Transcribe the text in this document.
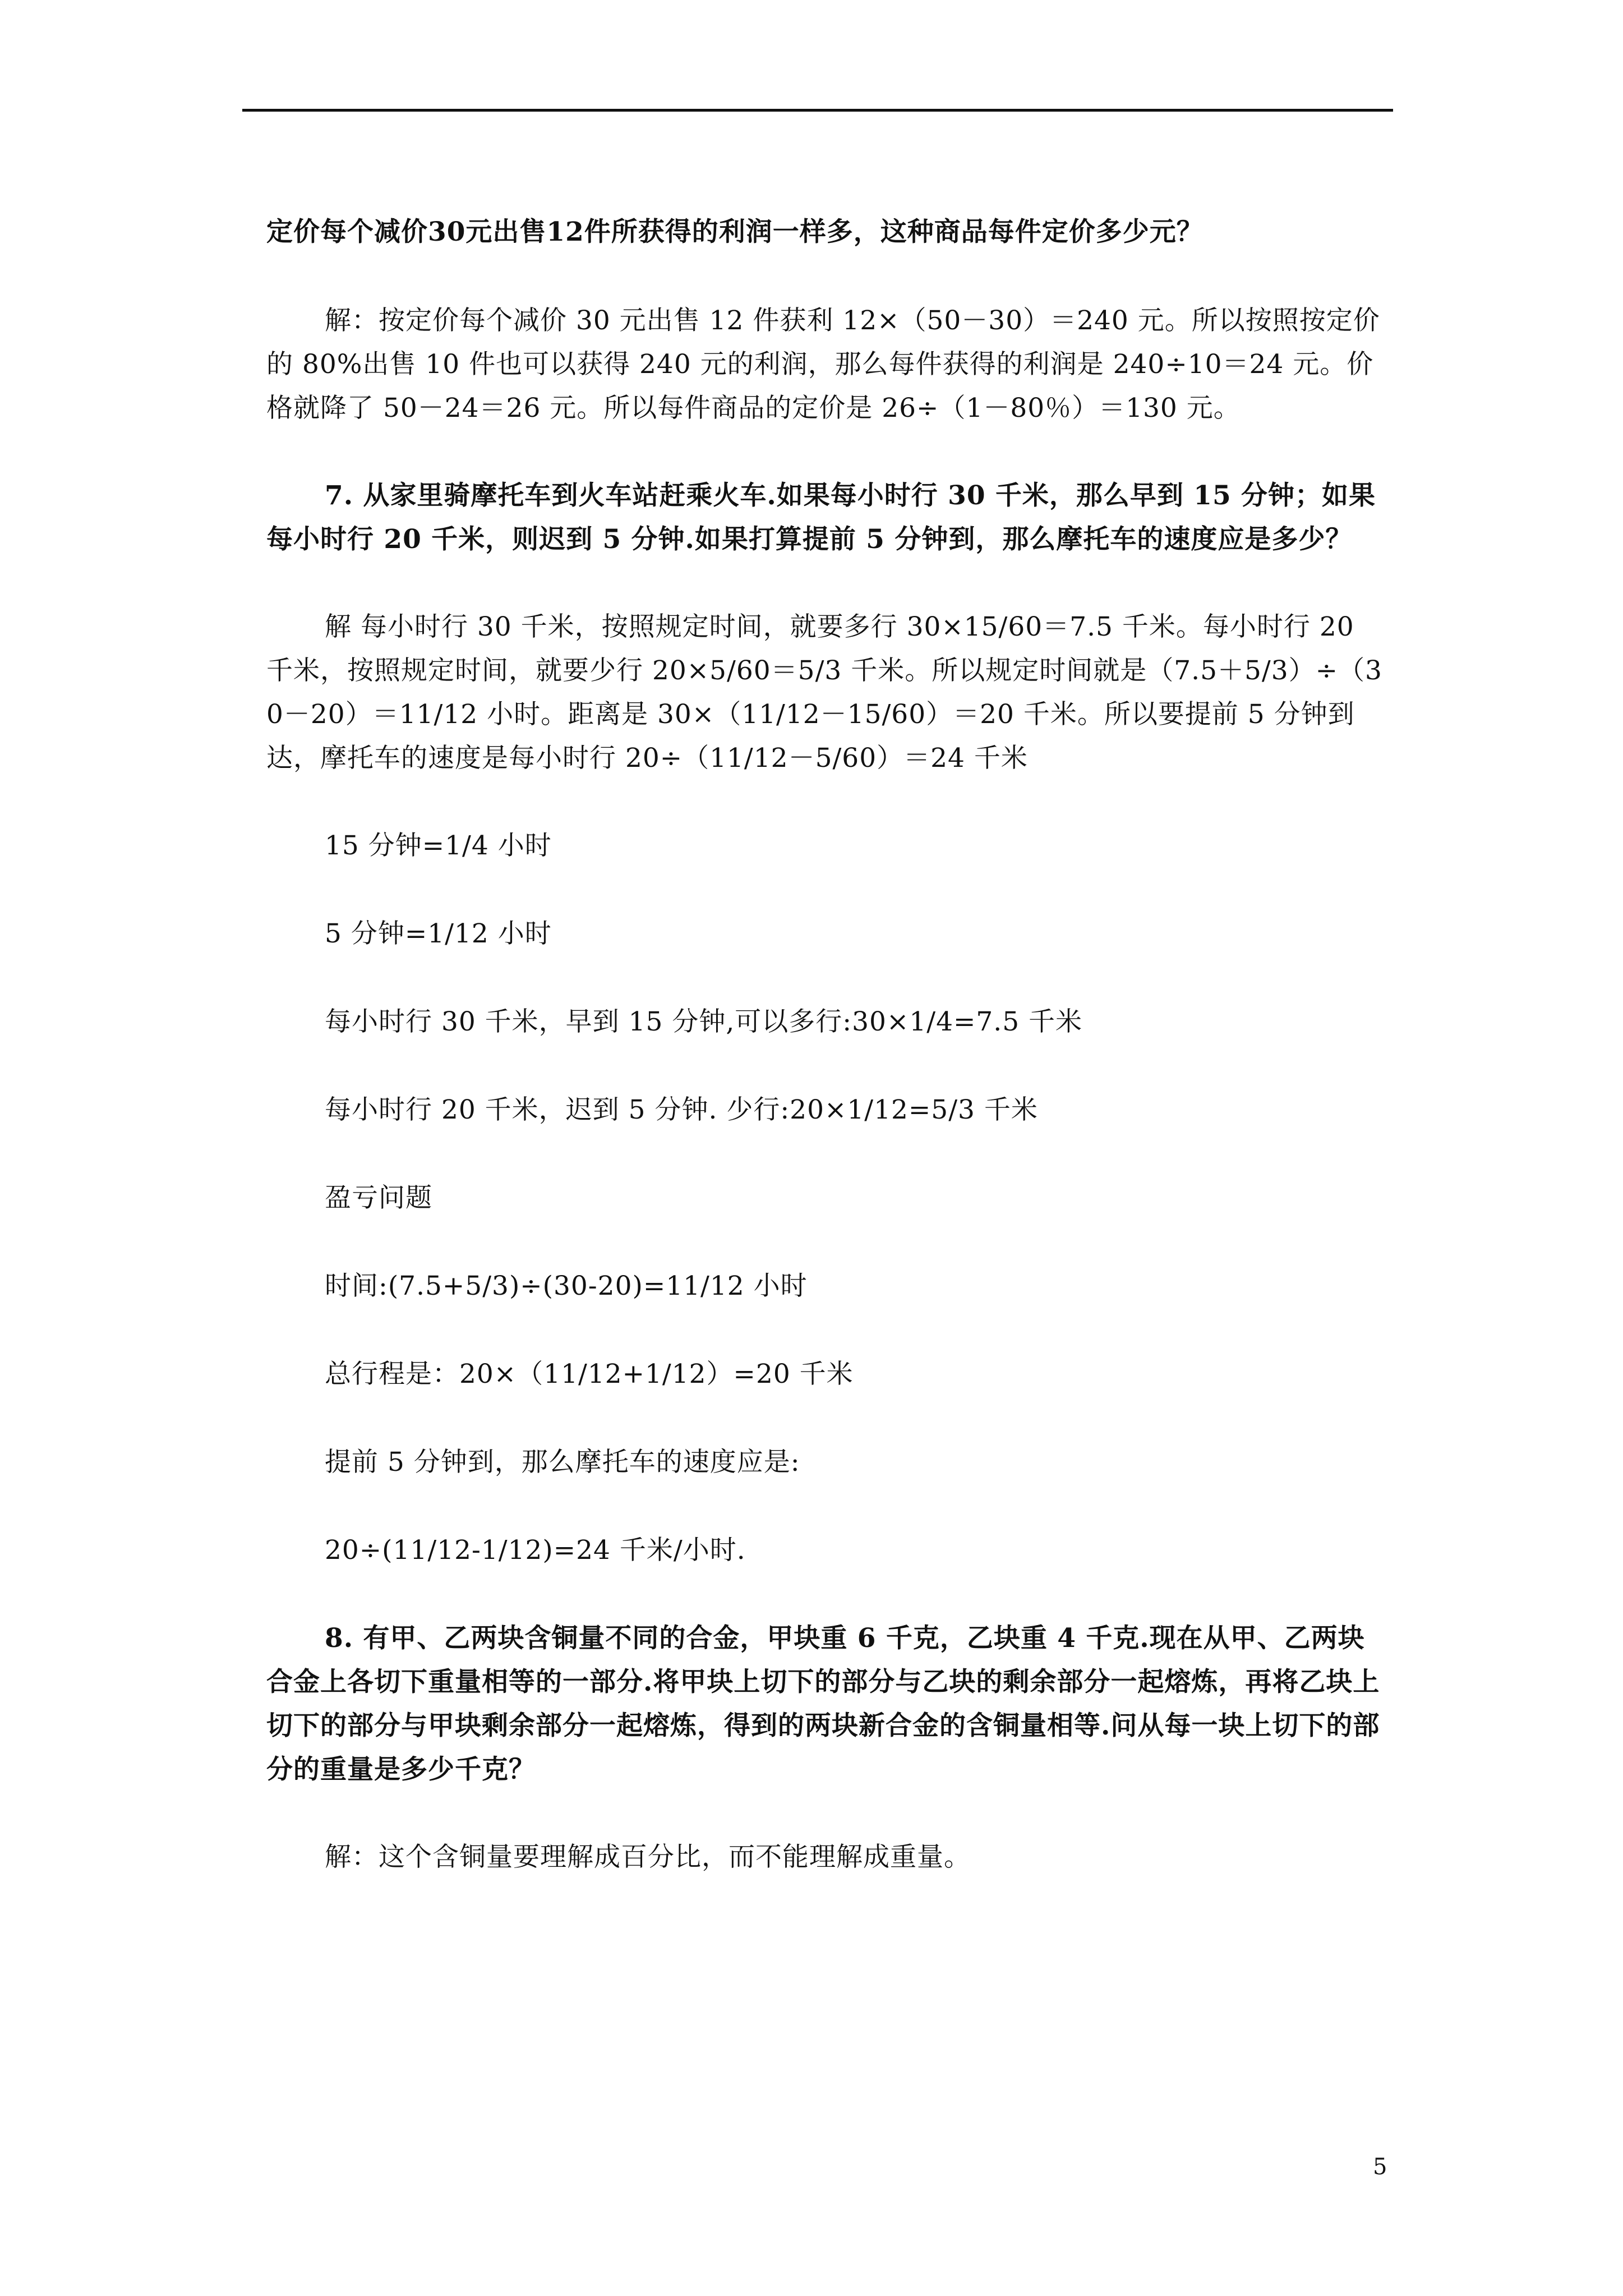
定价每个减价30元出售12件所获得的利润一样多，这种商品每件定价多少元？

解：按定价每个减价 30 元出售 12 件获利 12×（50－30）＝240 元。所以按照按定价的 80%出售 10 件也可以获得 240 元的利润，那么每件获得的利润是 240÷10＝24 元。价格就降了 50－24＝26 元。所以每件商品的定价是 26÷（1－80％）＝130 元。

7. 从家里骑摩托车到火车站赶乘火车.如果每小时行 30 千米，那么早到 15 分钟；如果每小时行 20 千米，则迟到 5 分钟.如果打算提前 5 分钟到，那么摩托车的速度应是多少？

解 每小时行 30 千米，按照规定时间，就要多行 30×15/60＝7.5 千米。每小时行 20 千米，按照规定时间，就要少行 20×5/60＝5/3 千米。所以规定时间就是（7.5＋5/3）÷（30－20）＝11/12 小时。距离是 30×（11/12－15/60）＝20 千米。所以要提前 5 分钟到达，摩托车的速度是每小时行 20÷（11/12－5/60）＝24 千米

15 分钟=1/4 小时

5 分钟=1/12 小时

每小时行 30 千米，早到 15 分钟,可以多行:30×1/4=7.5 千米

每小时行 20 千米，迟到 5 分钟. 少行:20×1/12=5/3 千米

盈亏问题

时间:(7.5+5/3)÷(30-20)=11/12 小时

总行程是：20×（11/12+1/12）=20 千米

提前 5 分钟到，那么摩托车的速度应是:

20÷(11/12-1/12)=24 千米/小时.

8. 有甲、乙两块含铜量不同的合金，甲块重 6 千克，乙块重 4 千克.现在从甲、乙两块合金上各切下重量相等的一部分.将甲块上切下的部分与乙块的剩余部分一起熔炼，再将乙块上切下的部分与甲块剩余部分一起熔炼，得到的两块新合金的含铜量相等.问从每一块上切下的部分的重量是多少千克？

解：这个含铜量要理解成百分比，而不能理解成重量。

5
